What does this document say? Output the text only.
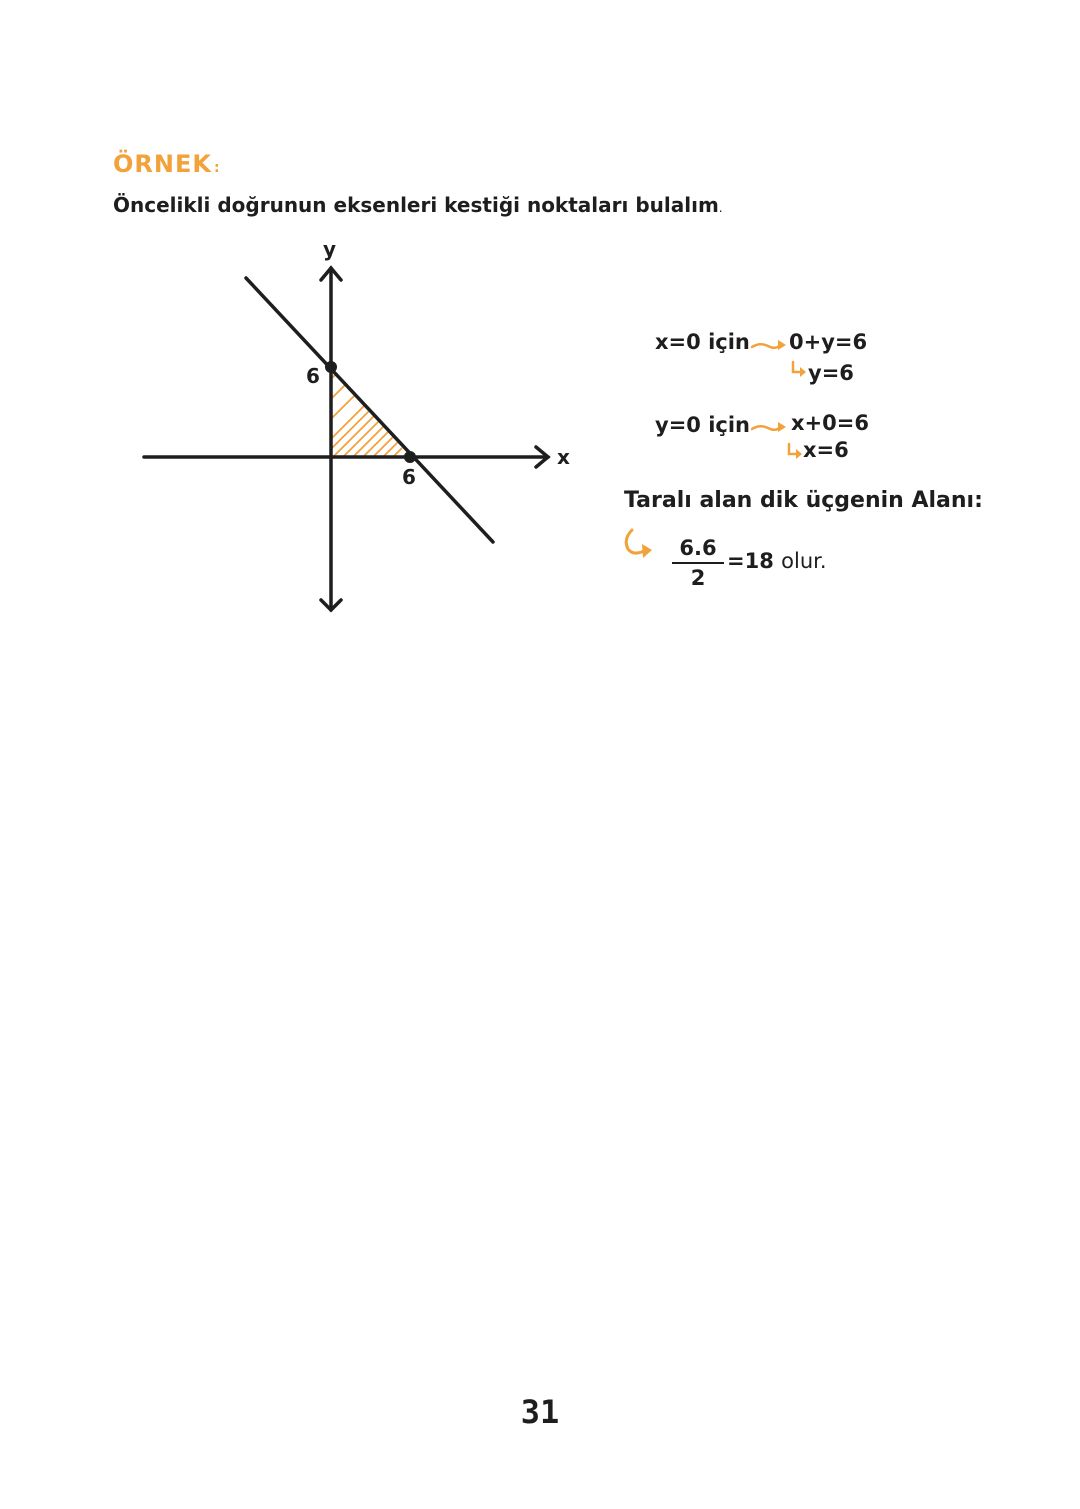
ÖRNEK :
Öncelikli doğrunun eksenleri kestiği noktaları bulalım.
y
x
6
6
x=0 için 0+y=6
y=6
y=0 için x+0=6
x=6
Taralı alan dik üçgenin Alanı:
$\frac{6.6}{2} =18$ olur.
31
